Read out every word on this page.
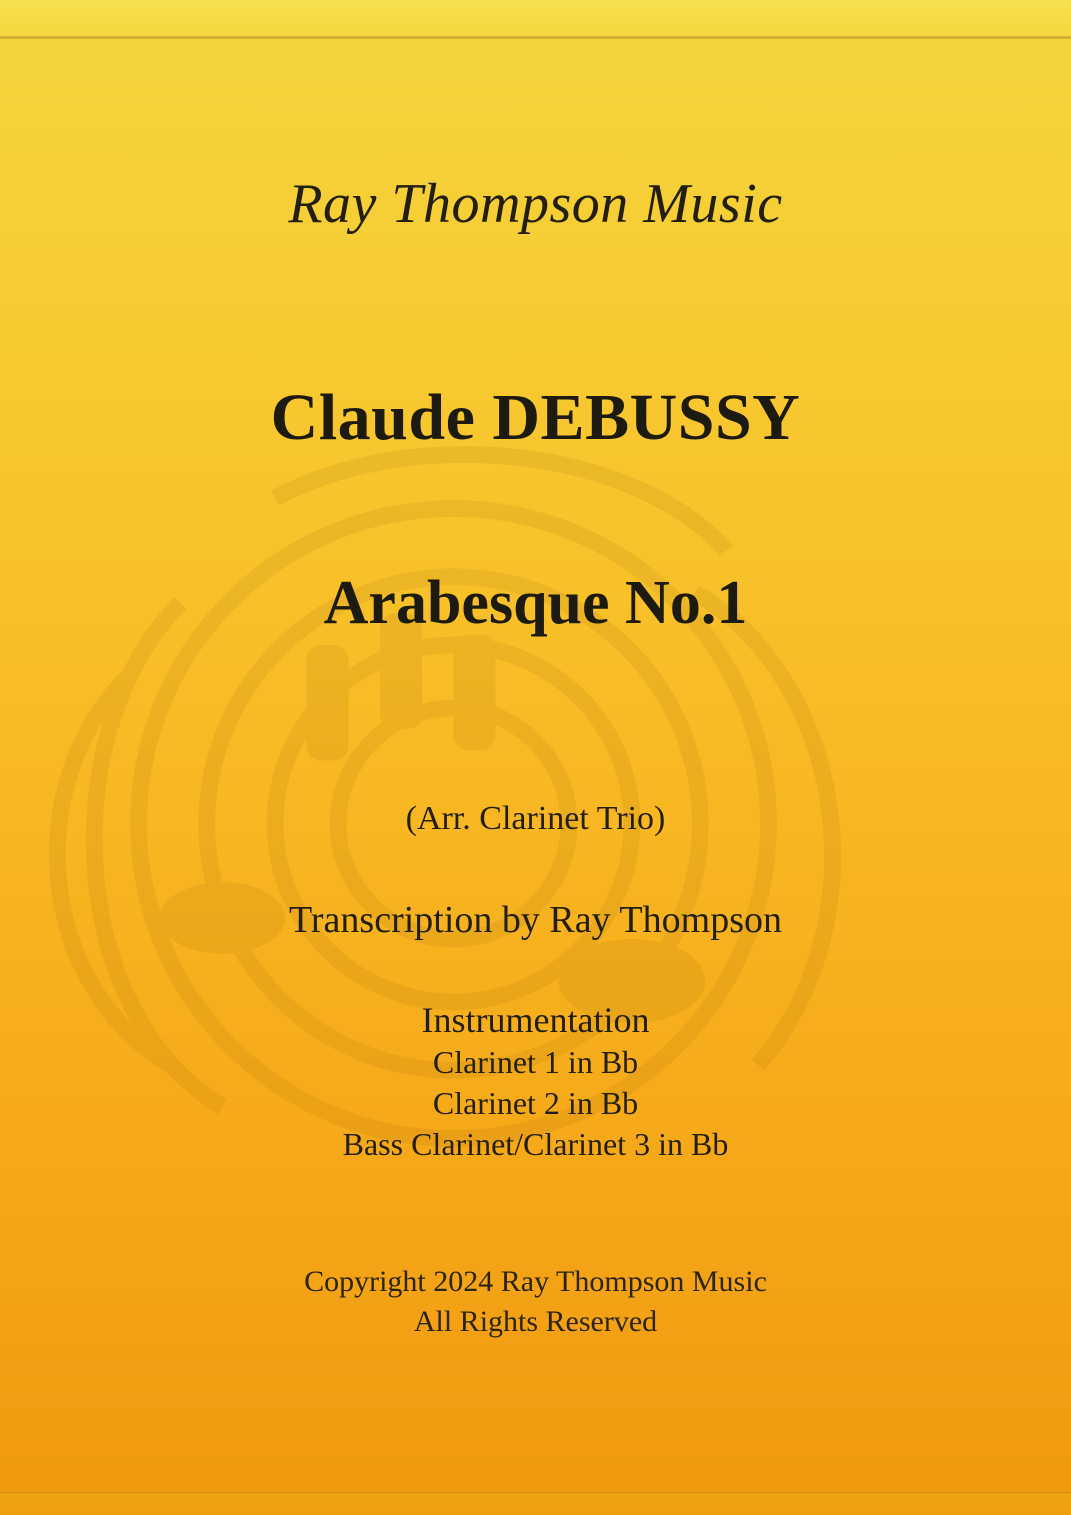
Ray Thompson Music
Claude DEBUSSY
Arabesque No.1
(Arr. Clarinet Trio)
Transcription by Ray Thompson
Instrumentation
Clarinet 1 in Bb
Clarinet 2 in Bb
Bass Clarinet/Clarinet 3 in Bb
Copyright 2024 Ray Thompson Music
All Rights Reserved
